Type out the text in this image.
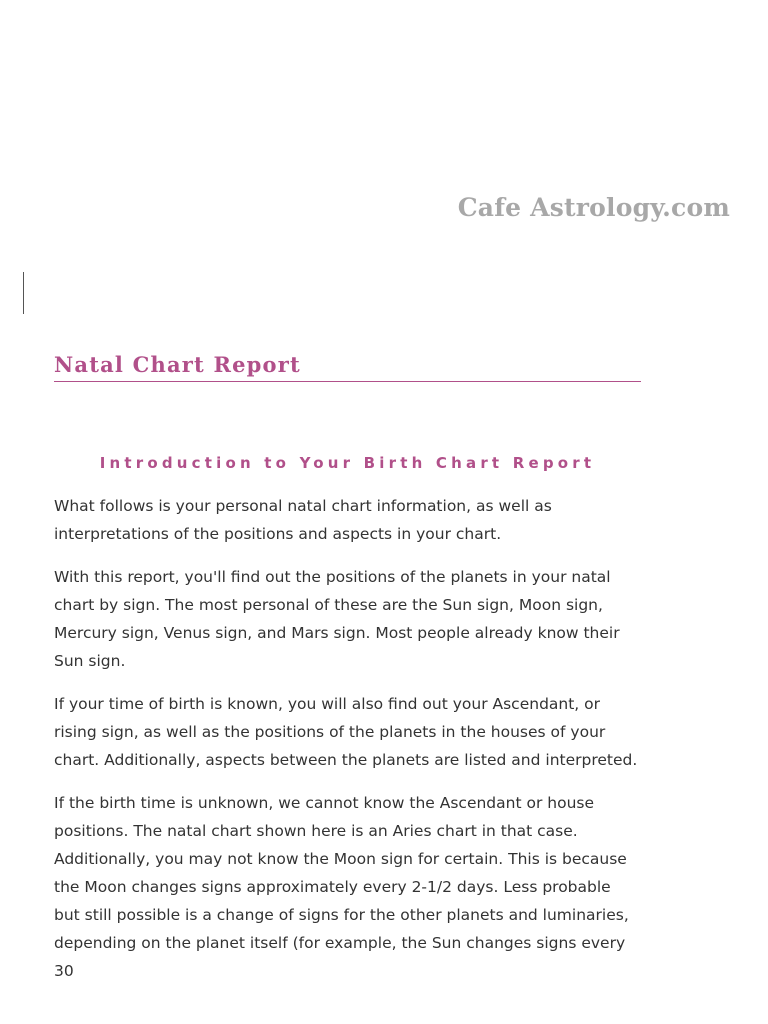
Cafe Astrology.com
Natal Chart Report
Introduction to Your Birth Chart Report

What follows is your personal natal chart information, as well as interpretations of the positions and aspects in your chart.

With this report, you'll find out the positions of the planets in your natal chart by sign. The most personal of these are the Sun sign, Moon sign, Mercury sign, Venus sign, and Mars sign. Most people already know their Sun sign.

If your time of birth is known, you will also find out your Ascendant, or rising sign, as well as the positions of the planets in the houses of your chart. Additionally, aspects between the planets are listed and interpreted.

If the birth time is unknown, we cannot know the Ascendant or house positions. The natal chart shown here is an Aries chart in that case. Additionally, you may not know the Moon sign for certain. This is because the Moon changes signs approximately every 2-1/2 days. Less probable but still possible is a change of signs for the other planets and luminaries, depending on the planet itself (for example, the Sun changes signs every 30
